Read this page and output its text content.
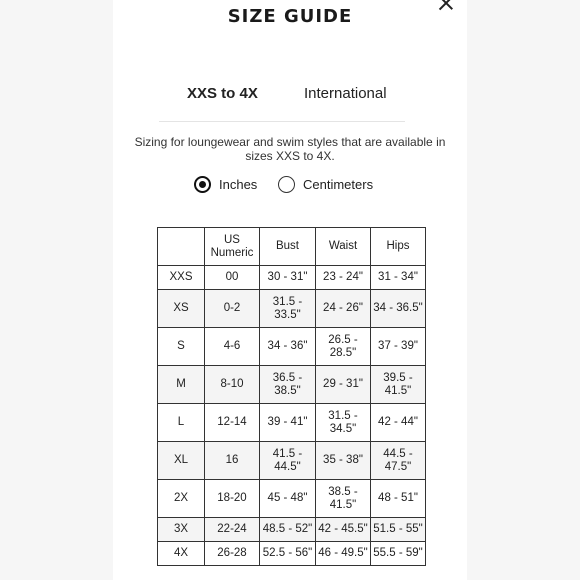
SIZE GUIDE
XXS to 4X	International
Sizing for loungewear and swim styles that are available in sizes XXS to 4X.
Inches	Centimeters
	US Numeric	Bust	Waist	Hips
XXS	00	30 - 31"	23 - 24"	31 - 34"
XS	0-2	31.5 - 33.5"	24 - 26"	34 - 36.5"
S	4-6	34 - 36"	26.5 - 28.5"	37 - 39"
M	8-10	36.5 - 38.5"	29 - 31"	39.5 - 41.5"
L	12-14	39 - 41"	31.5 - 34.5"	42 - 44"
XL	16	41.5 - 44.5"	35 - 38"	44.5 - 47.5"
2X	18-20	45 - 48"	38.5 - 41.5"	48 - 51"
3X	22-24	48.5 - 52"	42 - 45.5"	51.5 - 55"
4X	26-28	52.5 - 56"	46 - 49.5"	55.5 - 59"
